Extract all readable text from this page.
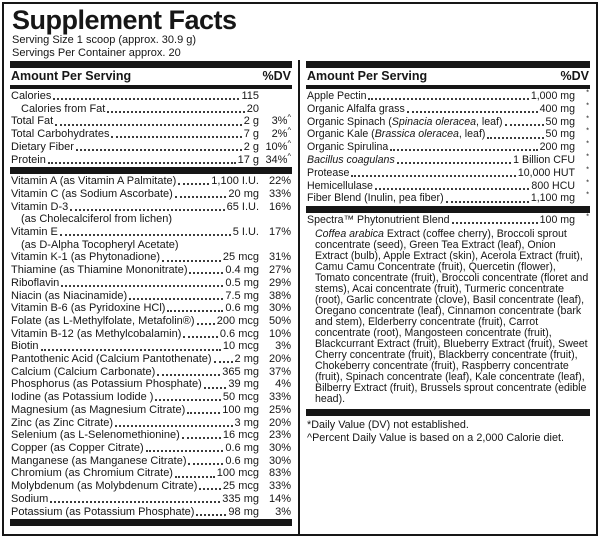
Supplement Facts
Serving Size 1 scoop (approx. 30.9 g)
Servings Per Container approx. 20
Amount Per Serving	%DV
Calories	115
Calories from Fat	20
Total Fat	2 g	3%^
Total Carbohydrates	7 g	2%^
Dietary Fiber	2 g 10%^
Protein	17 g 34%^
Vitamin A (as Vitamin A Palmitate)	1,100 I.U. 22%
Vitamin C (as Sodium Ascorbate)	20 mg 33%
Vitamin D-3	65 I.U. 16%
(as Cholecalciferol from lichen)
Vitamin E	5 I.U. 17%
(as D-Alpha Tocopheryl Acetate)
Vitamin K-1 (as Phytonadione)	25 mcg 31%
Thiamine (as Thiamine Mononitrate)	0.4 mg 27%
Riboflavin	0.5 mg 29%
Niacin (as Niacinamide)	7.5 mg 38%
Vitamin B-6 (as Pyridoxine HCl)	0.6 mg 30%
Folate (as L-Methylfolate, Metafolin®) 200 mcg 50%
Vitamin B-12 (as Methylcobalamin)	0.6 mcg 10%
Biotin	10 mcg	3%
Pantothenic Acid (Calcium Pantothenate) 2 mg 20%
Calcium (Calcium Carbonate)	365 mg 37%
Phosphorus (as Potassium Phosphate) 39 mg	4%
Iodine (as Potassium Iodide )	50 mcg 33%
Magnesium (as Magnesium Citrate)	100 mg 25%
Zinc (as Zinc Citrate)	3 mg 20%
Selenium (as L-Selenomethionine)	16 mcg 23%
Copper (as Copper Citrate)	0.6 mg 30%
Manganese (as Manganese Citrate)	0.6 mg 30%
Chromium (as Chromium Citrate)	100 mcg 83%
Molybdenum (as Molybdenum Citrate) 25 mcg 33%
Sodium	335 mg 14%
Potassium (as Potassium Phosphate)	98 mg	3%
Amount Per Serving	%DV
Apple Pectin	1,000 mg	*
Organic Alfalfa grass	400 mg	*
Organic Spinach (Spinacia oleracea, leaf)	50 mg	*
Organic Kale (Brassica oleracea, leaf)	50 mg	*
Organic Spirulina	200 mg	*
Bacillus coagulans	1 Billion CFU	*
Protease	10,000 HUT	*
Hemicellulase	800 HCU	*
Fiber Blend (Inulin, pea fiber)	1,100 mg	*
Spectra™ Phytonutrient Blend	100 mg	*
Coffea arabica Extract (coffee cherry), Broccoli sprout concentrate (seed), Green Tea Extract (leaf), Onion Extract (bulb), Apple Extract (skin), Acerola Extract (fruit), Camu Camu Concentrate (fruit), Quercetin (flower), Tomato concentrate (fruit), Broccoli concentrate (floret and stems), Acai concentrate (fruit), Turmeric concentrate (root), Garlic concentrate (clove), Basil concentrate (leaf), Oregano concentrate (leaf), Cinnamon concentrate (bark and stem), Elderberry concentrate (fruit), Carrot concentrate (root), Mangosteen concentrate (fruit), Blackcurrant Extract (fruit), Blueberry Extract (fruit), Sweet Cherry concentrate (fruit), Blackberry concentrate (fruit), Chokeberry concentrate (fruit), Raspberry concentrate (fruit), Spinach concentrate (leaf), Kale concentrate (leaf), Bilberry Extract (fruit), Brussels sprout concentrate (edible head).
*Daily Value (DV) not established.
^Percent Daily Value is based on a 2,000 Calorie diet.
